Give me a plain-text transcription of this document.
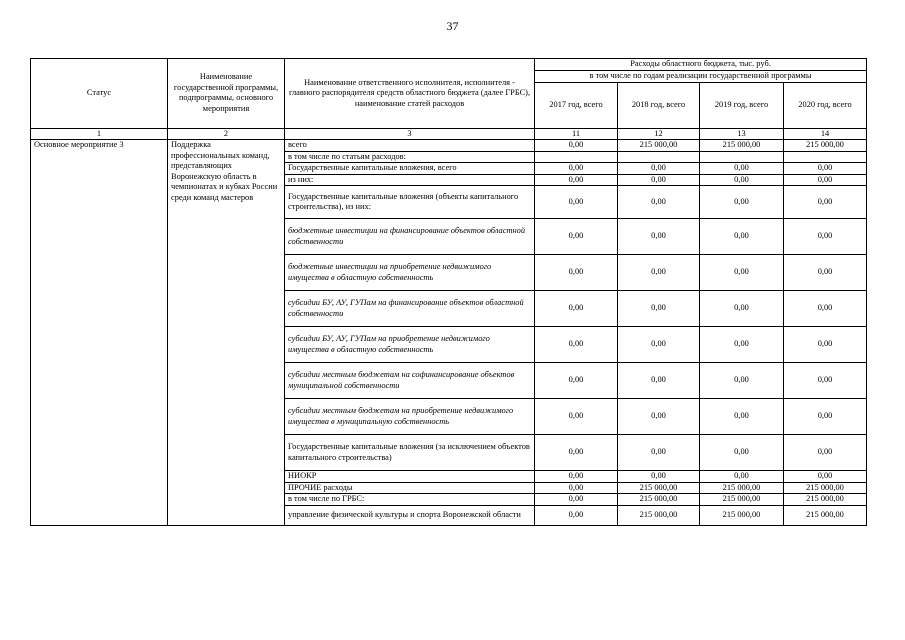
37
Статус	Наименование государственной программы, подпрограммы, основного мероприятия	Наименование ответственного исполнителя, исполнителя - главного распорядителя средств областного бюджета (далее ГРБС), наименование статей расходов	Расходы областного бюджета, тыс. руб.			
			в том числе по годам реализации государственной программы			
			2017 год, всего	2018 год, всего	2019 год, всего	2020 год, всего
1	2	3	11	12	13	14
Основное мероприятие 3	Поддержка профессиональных команд, представляющих Воронежскую область в чемпионатах и кубках России среди команд мастеров	всего	0,00	215 000,00	215 000,00	215 000,00
		в том числе по статьям расходов:				
		Государственные капитальные вложения, всего	0,00	0,00	0,00	0,00
		из них:	0,00	0,00	0,00	0,00
		Государственные капитальные вложения (объекты капитального строительства), из них:	0,00	0,00	0,00	0,00
		бюджетные инвестиции на финансирование объектов областной собственности	0,00	0,00	0,00	0,00
		бюджетные инвестиции на приобретение недвижимого имущества в областную собственность	0,00	0,00	0,00	0,00
		субсидии БУ, АУ, ГУПам на финансирование объектов областной собственности	0,00	0,00	0,00	0,00
		субсидии БУ, АУ, ГУПам на приобретение недвижимого имущества в областную собственность	0,00	0,00	0,00	0,00
		субсидии местным бюджетам на софинансирование объектов муниципальной собственности	0,00	0,00	0,00	0,00
		субсидии местным бюджетам на приобретение недвижимого имущества в муниципальную собственность	0,00	0,00	0,00	0,00
		Государственные капитальные вложения (за исключением объектов капитального строительства)	0,00	0,00	0,00	0,00
		НИОКР	0,00	0,00	0,00	0,00
		ПРОЧИЕ расходы	0,00	215 000,00	215 000,00	215 000,00
		в том числе по ГРБС:	0,00	215 000,00	215 000,00	215 000,00
		управление физической культуры и спорта Воронежской области	0,00	215 000,00	215 000,00	215 000,00
